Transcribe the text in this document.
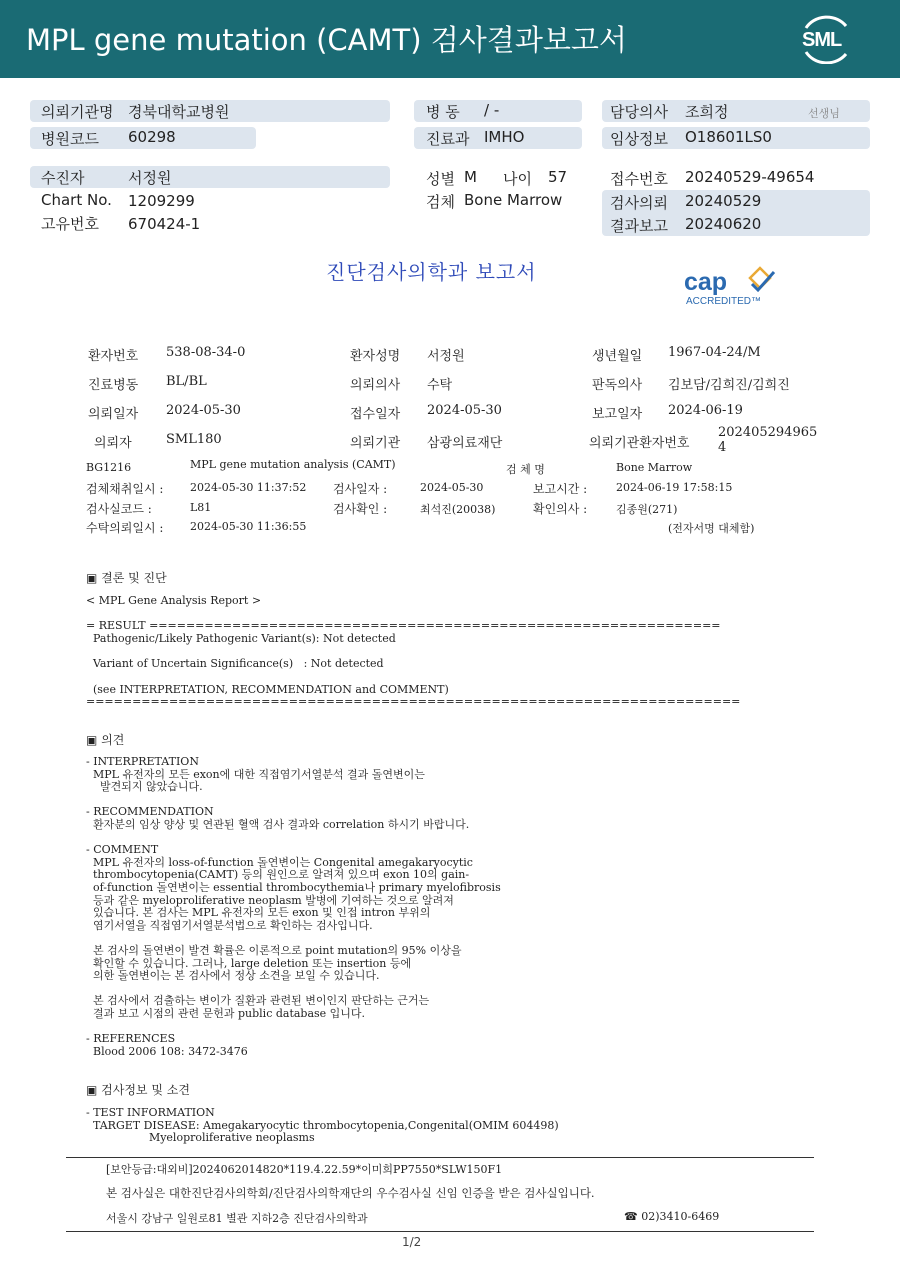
MPL gene mutation (CAMT) 검사결과보고서	SML
의뢰기관명 경북대학교병원
병원코드 60298
병 동 / -
진료과 IMHO
담당의사 조희정	선생님
임상정보 O18601LS0
수진자	서정원
Chart No. 1209299
고유번호 670424-1
성별 M 나이 57
검체 Bone Marrow
접수번호 20240529-49654
검사의뢰 20240529
결과보고 20240620
진단검사의학과 보고서	cap
ACCREDITED™
환자번호 538-08-34-0	환자성명 서정원	생년월일 1967-04-24/M
진료병동 BL/BL	의뢰의사 수탁	판독의사 김보담/김희진/김희진
의뢰일자 2024-05-30	접수일자 2024-05-30	보고일자 2024-06-19
의뢰자	SML180	의뢰기관 삼광의료재단	의뢰기관환자번호
202405294965
4
BG1216	MPL gene mutation analysis (CAMT)	검 체 명	Bone Marrow
검체채취일시 : 2024-05-30 11:37:52 검사일자 :	2024-05-30	보고시간 :	2024-06-19 17:58:15
검사실코드 :	L81	검사확인 :	최석진(20038)	확인의사 :	김종원(271)
수탁의뢰일시 : 2024-05-30 11:36:55	(전자서명 대체함)
▣ 결론 및 진단
< MPL Gene Analysis Report >
= RESULT ==============================================================
Pathogenic/Likely Pathogenic Variant(s): Not detected

Variant of Uncertain Significance(s)   : Not detected

(see INTERPRETATION, RECOMMENDATION and COMMENT)
=======================================================================
▣ 의견
- INTERPRETATION
MPL 유전자의 모든 exon에 대한 직접염기서열분석 결과 돌연변이는
발견되지 않았습니다.

- RECOMMENDATION
환자분의 임상 양상 및 연관된 혈액 검사 결과와 correlation 하시기 바랍니다.

- COMMENT
MPL 유전자의 loss-of-function 돌연변이는 Congenital amegakaryocytic
thrombocytopenia(CAMT) 등의 원인으로 알려져 있으며 exon 10의 gain-
of-function 돌연변이는 essential thrombocythemia나 primary myelofibrosis
등과 같은 myeloproliferative neoplasm 발병에 기여하는 것으로 알려져
있습니다. 본 검사는 MPL 유전자의 모든 exon 및 인접 intron 부위의
염기서열을 직접염기서열분석법으로 확인하는 검사입니다.

본 검사의 돌연변이 발견 확률은 이론적으로 point mutation의 95% 이상을
확인할 수 있습니다. 그러나, large deletion 또는 insertion 등에
의한 돌연변이는 본 검사에서 정상 소견을 보일 수 있습니다.

본 검사에서 검출하는 변이가 질환과 관련된 변이인지 판단하는 근거는
결과 보고 시점의 관련 문헌과 public database 입니다.

- REFERENCES
Blood 2006 108: 3472-3476
▣ 검사정보 및 소견
- TEST INFORMATION
TARGET DISEASE: Amegakaryocytic thrombocytopenia,Congenital(OMIM 604498)
Myeloproliferative neoplasms
[보안등급:대외비]2024062014820*119.4.22.59*이미희PP7550*SLW150F1
본 검사실은 대한진단검사의학회/진단검사의학재단의 우수검사실 신임 인증을 받은 검사실입니다.
서울시 강남구 일원로81 별관 지하2층 진단검사의학과	☎ 02)3410-6469
1/2
